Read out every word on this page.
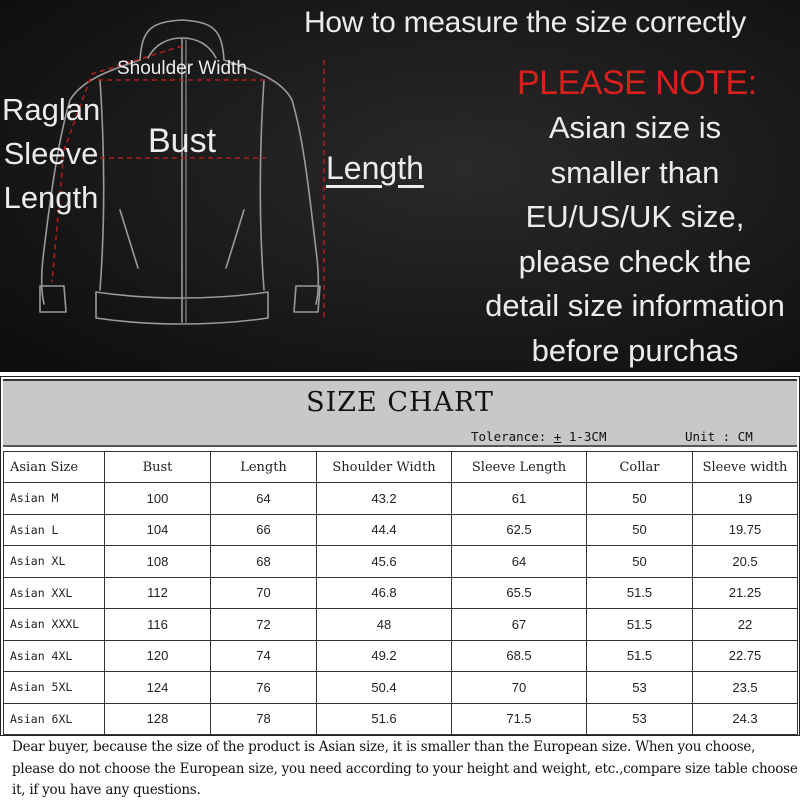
How to measure the size correctly
Shoulder Width
Raglan Sleeve Length
Bust
Length
PLEASE NOTE:
Asian size is
smaller than
EU/US/UK size,
please check the
detail size information
before purchas
SIZE CHART
Tolerance: + 1-3CM	Unit : CM
Asian Size	Bust	Length	Shoulder Width	Sleeve Length	Collar	Sleeve width
Asian M	100	64	43.2	61	50	19
Asian L	104	66	44.4	62.5	50	19.75
Asian XL	108	68	45.6	64	50	20.5
Asian XXL	112	70	46.8	65.5	51.5	21.25
Asian XXXL	116	72	48	67	51.5	22
Asian 4XL	120	74	49.2	68.5	51.5	22.75
Asian 5XL	124	76	50.4	70	53	23.5
Asian 6XL	128	78	51.6	71.5	53	24.3
Dear buyer, because the size of the product is Asian size, it is smaller than the European size. When you choose, please do not choose the European size, you need according to your height and weight, etc.,compare size table choose it, if you have any questions.
